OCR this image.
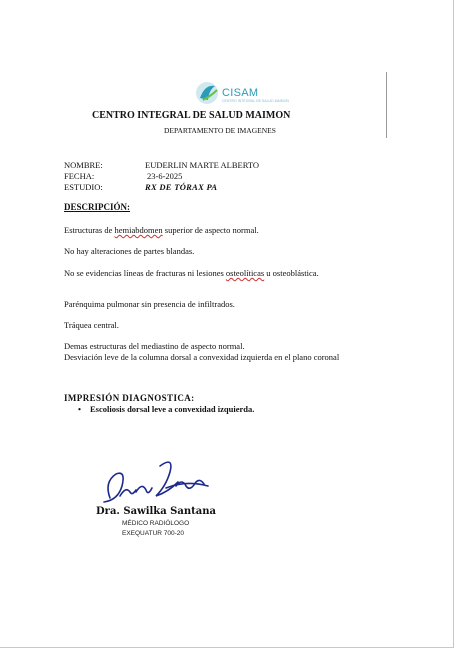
CISAM
CENTRO INTEGRAL DE SALUD MAIMON
CENTRO INTEGRAL DE SALUD MAIMON
DEPARTAMENTO DE IMAGENES
NOMBRE:	EUDERLIN MARTE ALBERTO
FECHA:	23-6-2025
ESTUDIO:	RX DE TÓRAX PA
DESCRIPCIÓN:
Estructuras de hemiabdomen superior de aspecto normal.
No hay alteraciones de partes blandas.
No se evidencias líneas de fracturas ni lesiones osteolíticas u osteoblástica.
Parénquima pulmonar sin presencia de infiltrados.
Tráquea central.
Demas estructuras del mediastino de aspecto normal.
Desviación leve de la columna dorsal a convexidad izquierda en el plano coronal
IMPRESIÓN DIAGNOSTICA:
• Escoliosis dorsal leve a convexidad izquierda.
Dra. Sawilka Santana
MÉDICO RADIÓLOGO
EXEQUATUR 700-20
